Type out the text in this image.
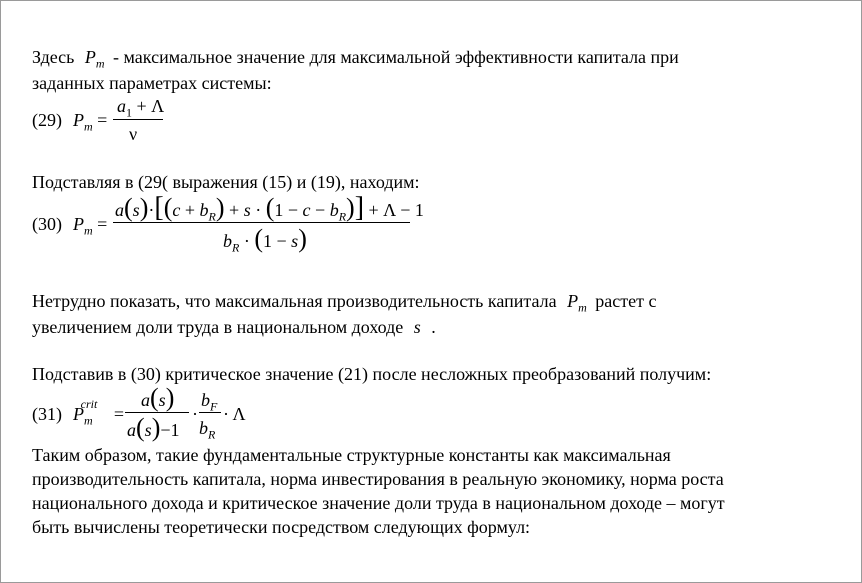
Здесь $P_m$ - максимальное значение для максимальной эффективности капитала при
заданных параметрах системы:
(29) $P_m$ =
$a_1 + \Lambda$
ν
Подставляя в (29( выражения (15) и (19), находим:
(30) $P_m$ =
$a(s)\cdot[(c + b_R) + s \cdot (1 - c - b_R)] + \Lambda - 1$
$b_R \cdot (1 - s)$
Нетрудно показать, что максимальная производительность капитала $P_m$ растет с
увеличением доли труда в национальном доходе s .
Подставив в (30) критическое значение (21) после несложных преобразований получим:
(31) $P_m^{crit}$ =
a(s)
a(s)−1
·
$b_F$
$b_R$
· Λ
Таким образом, такие фундаментальные структурные константы как максимальная
производительность капитала, норма инвестирования в реальную экономику, норма роста
национального дохода и критическое значение доли труда в национальном доходе – могут
быть вычислены теоретически посредством следующих формул:
